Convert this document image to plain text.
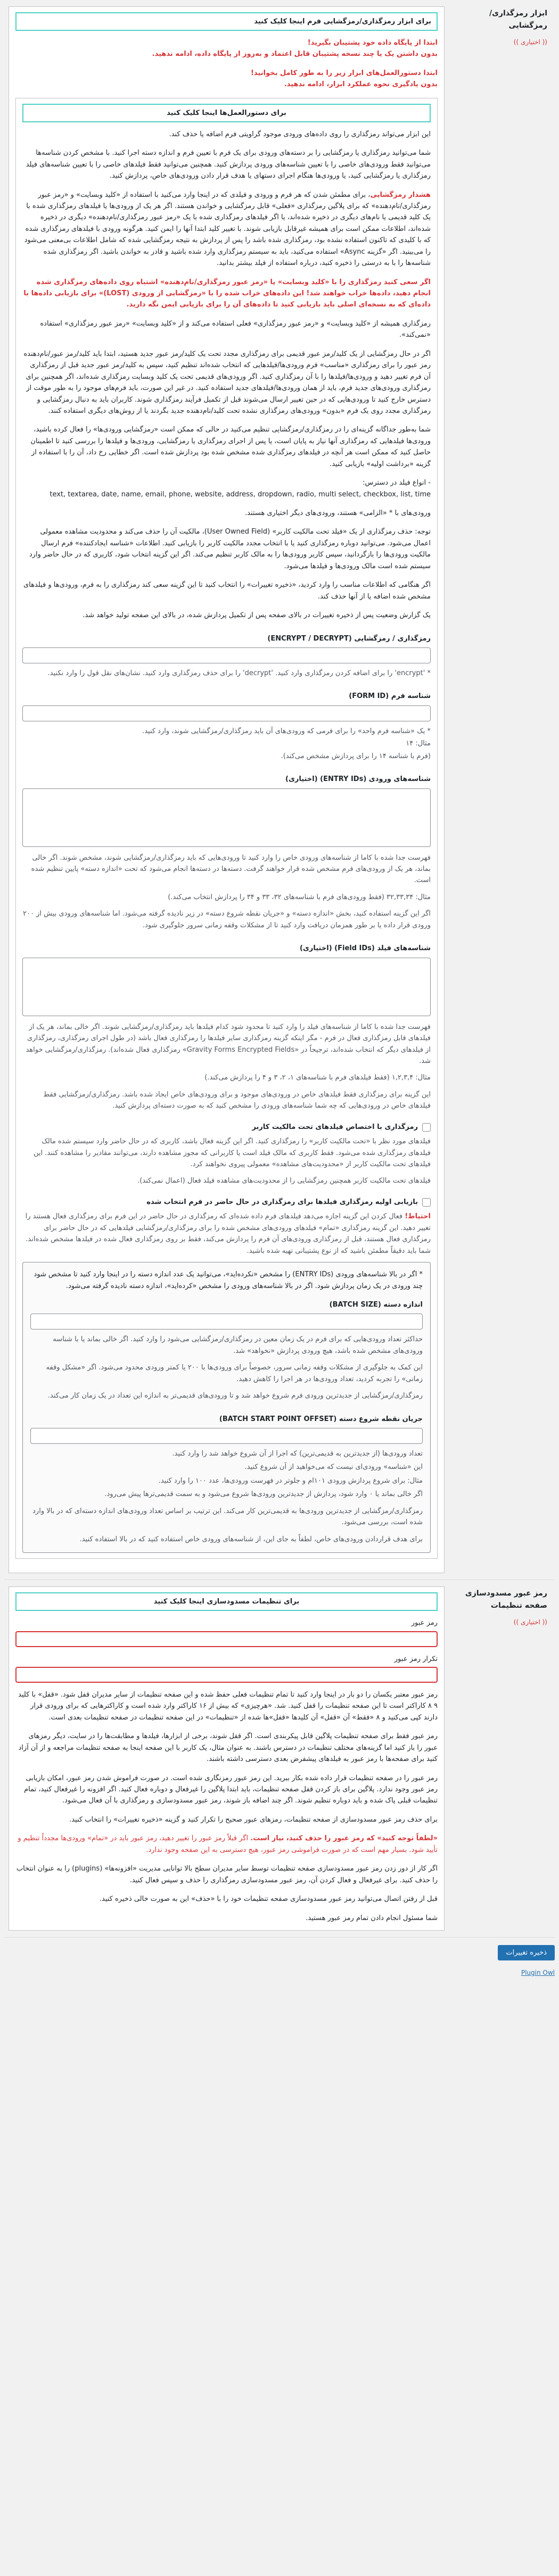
ابزار رمزگذاری/رمزگشایی
(( اختیاری ))
برای ابزار رمزگذاری/رمزگشایی فرم اینجا کلیک کنید
ابتدا از پایگاه داده خود پشتیبان بگیرید!
بدون داشتن یک یا چند نسخه پشتیبان قابل اعتماد و به‌روز از پایگاه داده، ادامه ندهید.
ابتدا دستورالعمل‌های ابزار زیر را به طور کامل بخوانید!
بدون یادگیری نحوه عملکرد ابزار، ادامه ندهید.
برای دستورالعمل‌ها اینجا کلیک کنید

این ابزار می‌تواند رمزگذاری را روی داده‌های ورودی موجود گراویتی فرم اضافه یا حذف کند.

شما می‌توانید رمزگذاری یا رمزگشایی را بر دسته‌های ورودی برای یک فرم با تعیین فرم و اندازه دسته اجرا کنید. با مشخص کردن شناسه‌ها می‌توانید فقط ورودی‌های خاصی را با تعیین شناسه‌های ورودی پردازش کنید. همچنین می‌توانید فقط فیلدهای خاصی را با تعیین شناسه‌های فیلد رمزگذاری یا رمزگشایی کنید، یا ورودی‌ها هنگام اجرای دستهای یا هدف قرار دادن ورودی‌های خاص، پردازش کنید.

هشدار رمزگشایی، برای مطمئن شدن که هر فرم و ورودی و فیلدی که در اینجا وارد می‌کنید با استفاده از «کلید وبسایت» و «رمز عبور رمزگذاری/نام‌دهنده» که برای پلاگین رمزگذاری «فعلی» قابل رمزگشایی و خواندن هستند. اگر هر یک از ورودی‌ها یا فیلدهای رمزگذاری شده با یک کلید قدیمی یا نام‌های دیگری در ذخیره شده‌اند، یا اگر فیلدهای رمزگذاری شده با یک «رمز عبور رمزگذاری/نام‌دهنده» دیگری در ذخیره شده‌اند، اطلاعات ممکن است برای همیشه غیرقابل بازیابی شوند. با تغییر کلید ابتدا آنها را ایمن کنید. هرگونه ورودی با فیلدهای رمزگذاری شده که با کلیدی که تاکنون استفاده نشده بود، رمزگذاری شده باشد را پس از پردازش به نتیجه رمزگشایی شده که شامل اطلاعات بی‌معنی می‌شود را می‌بینید. اگر «گزینه Async» استفاده می‌کنید، باید به سیستم رمزگذاری وارد شده باشید و قادر به خواندن باشید. اگر رمزگذاری شده شناسه‌ها را با به درستی را ذخیره کنید، درباره استفاده از فیلد بیشتر بدانید.

اگر سعی کنید رمزگذاری را با «کلید وبسایت» یا «رمز عبور رمزگذاری/نام‌دهنده» اشتباه روی داده‌های رمزگذاری شده انجام دهید، داده‌ها خراب خواهند شد! این داده‌های خراب شده را با «رمزگشایی از ورودی (LOST)» برای بازیابی داده‌ها با داده‌ای که به نسخه‌ای اصلی باید بازیابی کنید تا داده‌های آن را برای بازیابی ایمن نگه دارید.

رمزگذاری همیشه از «کلید وبسایت» و «رمز عبور رمزگذاری» فعلی استفاده می‌کند و از «کلید وبسایت» «رمز عبور رمزگذاری» استفاده «نمی‌کند».

اگر در حال رمزگشایی از یک کلید/رمز عبور قدیمی برای رمزگذاری مجدد تحت یک کلید/رمز عبور جدید هستید، ابتدا باید کلید/رمز عبور/نام‌دهنده رمز عبور را برای رمزگذاری «مناسب» فرم ورودی‌ها/فیلدهایی که انتخاب شده‌اند تنظیم کنید، سپس به کلید/رمز عبور جدید قبل از رمزگذاری آن فرم تغییر دهید و ورودی‌ها/فیلدها را با آن رمزگذاری کنید. اگر ورودی‌های قدیمی تحت یک کلید وبسایت رمزگذاری شده‌اند، اگر همچنین برای رمزگذاری ورودی‌های جدید فرم، باید از همان ورودی‌ها/فیلدهای جدید استفاده کنید. در غیر این صورت، باید فرم‌های موجود را به طور موقت از دسترس خارج کنید تا ورودی‌هایی که در حین تغییر ارسال می‌شوند قبل از تکمیل فرآیند رمزگذاری شوند. کاربران باید به دنبال رمزگشایی و رمزگذاری مجدد روی یک فرم «بدون» ورودی‌های رمزگذاری نشده تحت کلید/نام‌دهنده جدید بگردند یا از روش‌های دیگری استفاده کنند.

شما به‌طور جداگانه گزینه‌ای را در رمزگذاری/رمزگشایی تنظیم می‌کنید در حالی که ممکن است «رمزگشایی ورودی‌ها» را فعال کرده باشید، ورودی‌ها فیلدهایی که رمزگذاری آنها نیاز به پایان است، یا پس از اجرای رمزگذاری یا رمزگشایی، ورودی‌ها و فیلدها را بررسی کنید تا اطمینان حاصل کنید که ممکن است هر آنچه در فیلدهای رمزگذاری شده مشخص شده بود پردازش شده است. اگر خطایی رخ داد، آن را با استفاده از گزینه «برداشت اولیه» بازیابی کنید.

- انواع فیلد در دسترس:
text, textarea, date, name, email, phone, website, address, dropdown, radio, multi select, checkbox, list, time

ورودی‌های با * «الزامی» هستند، ورودی‌های دیگر اختیاری هستند.

توجه: حذف رمزگذاری از یک «فیلد تحت مالکیت کاربر» (User Owned Field)، مالکیت آن را حذف می‌کند و محدودیت مشاهده معمولی اعمال می‌شود. می‌توانید دوباره رمزگذاری کنید یا با انتخاب مجدد مالکیت کاربر را بازیابی کنید. اطلاعات «شناسه ایجاد‌کننده» فرم ارسال مالکیت ورودی‌ها را بازگردانید، سپس کاربر ورودی‌ها را به مالک کاربر تنظیم می‌کند. اگر این گزینه انتخاب شود، کاربری که در حال حاضر وارد سیستم شده است مالک ورودی‌ها و فیلدها می‌شود.

اگر هنگامی که اطلاعات مناسب را وارد کردید، «ذخیره تغییرات» را انتخاب کنید تا این گزینه سعی کند رمزگذاری را به فرم، ورودی‌ها و فیلدهای مشخص شده اضافه یا از آنها حذف کند.

یک گزارش وضعیت پس از ذخیره تغییرات در بالای صفحه پس از تکمیل پردازش شده، در بالای این صفحه تولید خواهد شد.

رمزگذاری / رمزگشایی (ENCRYPT / DECRYPT)

* 'encrypt' را برای اضافه کردن رمزگذاری وارد کنید. 'decrypt' را برای حذف رمزگذاری وارد کنید. نشان‌های نقل قول را وارد نکنید.

شناسه فرم (FORM ID)

* یک «شناسه فرم واحد» را برای فرمی که ورودی‌های آن باید رمزگذاری/رمزگشایی شوند، وارد کنید.

مثال: ۱۴

(فرم با شناسه ۱۴ را برای پردازش مشخص می‌کند).

شناسه‌های ورودی (ENTRY IDs) (اختیاری)

فهرست جدا شده با کاما از شناسه‌های ورودی خاص را وارد کنید تا ورودی‌هایی که باید رمزگذاری/رمزگشایی شوند، مشخص شوند. اگر خالی بماند، هر یک از ورودی‌های فرم مشخص شده قرار خواهند گرفت. دسته‌ها در دسته‌ها انجام می‌شود که تحت «اندازه دسته» پایین تنظیم شده است.

مثال: ۳۲,۳۳,۳۴ (فقط ورودی‌های فرم با شناسه‌های ۳۲، ۳۳ و ۳۴ را پردازش انتخاب می‌کند.)

اگر این گزینه استفاده کنید، بخش «اندازه دسته» و «جریان نقطه شروع دسته» در زیر نادیده گرفته می‌شود. اما شناسه‌های ورودی بیش از ۲۰۰ ورودی قرار داده یا بر طور همزمان دریافت وارد کنید تا از مشکلات وقفه زمانی سرور جلوگیری شود.

شناسه‌های فیلد (Field IDs) (اختیاری)

فهرست جدا شده با کاما از شناسه‌های فیلد را وارد کنید تا محدود شود کدام فیلدها باید رمزگذاری/رمزگشایی شوند. اگر خالی بماند، هر یک از فیلدهای قابل رمزگذاری فعال در فرم - مگر اینکه گزینه رمزگذاری سایر فیلدها را رمزگذاری فعال باشد (در طول اجرای رمزگذاری، رمزگذاری از فیلدهای دیگر که انتخاب شده‌اند، ترجیحاً در «Gravity Forms Encrypted Fields» رمزگذاری فعال شده‌اند). رمزگذاری/رمزگشایی خواهد شد.

مثال: ۱,۲,۳,۴ (فقط فیلدهای فرم با شناسه‌های ۱، ۲، ۳ و ۴ را پردازش می‌کند.)

این گزینه برای رمزگذاری فقط فیلدهای خاص در ورودی‌های موجود و برای ورودی‌های خاص ایجاد شده باشد. رمزگذاری/رمزگشایی فقط فیلدهای خاص در ورودی‌هایی که چه شما شناسه‌های ورودی را مشخص کنید که به صورت دسته‌ای پردازش کنید.

رمزگذاری با اختصاص فیلدهای تحت مالکیت کاربر

فیلدهای مورد نظر با «تحت مالکیت کاربر» را رمزگذاری کنید. اگر این گزینه فعال باشد، کاربری که در حال حاضر وارد سیستم شده مالک فیلدهای رمزگذاری شده می‌شود. فقط کاربری که مالک فیلد است یا کاربرانی که مجوز مشاهده دارند، می‌توانند مقادیر را مشاهده کنند. این فیلدهای تحت مالکیت کاربر از «محدودیت‌های مشاهده» معمولی پیروی نخواهند کرد.

فیلدهای تحت مالکیت کاربر همچنین رمزگشایی را از محدودیت‌های مشاهده فیلد فعال (اعمال نمی‌کند).

بازیابی اولیه رمزگذاری فیلدها برای رمزگذاری در حال حاضر در فرم انتخاب شده

احتیاط! فعال کردن این گزینه اجازه می‌دهد فیلدهای فرم داده شده‌ای که رمزگذاری در حال حاضر در این فرم برای رمزگذاری فعال هستند را تغییر دهید. این گزینه رمزگذاری «تمام» فیلدهای ورودی‌های مشخص شده را برای رمزگذاری/رمزگشایی فیلدهایی که در حال حاضر برای رمزگذاری فعال هستند، قبل از رمزگذاری ورودی‌های آن فرم را پردازش می‌کند، فقط بر روی رمزگذاری فعال شده در فیلدها مشخص شده‌اند. شما باید دقیقاً مطمئن باشید که از نوع پشتیبانی تهیه شده باشید.

* اگر در بالا شناسه‌های ورودی (ENTRY IDs) را مشخص «نکرده‌اید»، می‌توانید یک عدد اندازه دسته را در اینجا وارد کنید تا مشخص شود چند ورودی در یک زمان پردازش شود. اگر در بالا شناسه‌های ورودی را مشخص «کرده‌اید»، اندازه دسته نادیده گرفته می‌شود.

اندازه دسته (BATCH SIZE)

حداکثر تعداد ورودی‌هایی که برای فرم در یک زمان معین در رمزگذاری/رمزگشایی می‌شود را وارد کنید. اگر خالی بماند یا با شناسه ورودی‌های مشخص شده باشد، هیچ ورودی پردازش «نخواهد» شد.

این کمک به جلوگیری از مشکلات وقفه زمانی سرور، خصوصاً برای ورودی‌ها با ۲۰۰ یا کمتر ورودی محدود می‌شود. اگر «مشکل وقفه زمانی» را تجربه کردید، تعداد ورودی‌ها در هر اجرا را کاهش دهید.

رمزگذاری/رمزگشایی از جدیدترین ورودی فرم شروع خواهد شد و تا ورودی‌های قدیمی‌تر به اندازه این تعداد در یک زمان کار می‌کند.

جریان نقطه شروع دسته (BATCH START POINT OFFSET)

تعداد ورودی‌ها (از جدیدترین به قدیمی‌ترین) که اجرا از آن شروع خواهد شد را وارد کنید.

این «شناسه» ورودی‌ای نیست که می‌خواهید از آن شروع کنید.

مثال: برای شروع پردازش ورودی ۱۰۱ام و جلوتر در فهرست ورودی‌ها، عدد ۱۰۰ را وارد کنید.

اگر خالی بماند یا ۰ وارد شود، پردازش از جدیدترین ورودی‌ها شروع می‌شود و به سمت قدیمی‌ترها پیش می‌رود.

رمزگذاری/رمزگشایی از جدیدترین ورودی‌ها به قدیمی‌ترین کار می‌کند. این ترتیب بر اساس تعداد ورودی‌های اندازه دسته‌ای که در بالا وارد شده است، بررسی می‌شود.

برای هدف قراردادن ورودی‌های خاص، لطفاً به جای این، از شناسه‌های ورودی خاص استفاده کنید که در بالا استفاده کنید.

رمز عبور مسدودسازی صفحه تنظیمات
(( اختیاری ))
برای تنظیمات مسدودسازی اینجا کلیک کنید
رمز عبور
تکرار رمز عبور

رمز عبور معتبر یکسان را دو بار در اینجا وارد کنید تا تمام تنظیمات فعلی حفظ شده و این صفحه تنظیمات از سایر مدیران قفل شود. «قفل» با کلید ۹ ۸ کاراکتر است تا این صفحه تنظیمات را قفل کنید. شد. «هرچیزی» که بیش از ۱۶ کاراکتر وارد شده است و کاراکترهایی که برای ورودی قرار دارند کپی می‌کنید و ۸ «فقط» آن «قفل» آن کلیدها «قفل»‌ها شده از «تنظیمات» در این صفحه تنظیمات در صفحه تنظیمات بعدی است.

رمز عبور فقط برای صفحه تنظیمات پلاگین قابل پیکربندی است. اگر قفل شوند، برخی از ابزارها، فیلدها و مطابقت‌ها را در سایت، دیگر رمزهای عبور را باز کنید اما گزینه‌های مختلف تنظیمات در دسترس باشند. به عنوان مثال، یک کاربر با این صفحه اینجا به صفحه تنظیمات مراجعه و از آن آزاد کنید برای صفحه‌ها با رمز عبور به فیلدهای پیشفرض بعدی دسترسی داشته باشند.

رمز عبور را در صفحه تنظیمات قرار داده شده بکار ببرید. این رمز عبور رمزنگاری شده است. در صورت فراموش شدن رمز عبور، امکان بازیابی رمز عبور وجود ندارد. پلاگین برای باز کردن قفل صفحه تنظیمات، باید ابتدا پلاگین را غیرفعال و دوباره فعال کنید. اگر افزونه را غیرفعال کنید، تمام تنظیمات قبلی پاک شده و باید دوباره تنظیم شوند. اگر چند اضافه باز شوند، رمز عبور مسدودسازی و رمزگذاری با آن فعال می‌شود.

برای حذف رمز عبور مسدودسازی از صفحه تنظیمات، رمزهای عبور صحیح را تکرار کنید و گزینه «ذخیره تغییرات» را انتخاب کنید.

«لطفاً توجه کنید» که رمز عبور را حذف کنید، نیاز است. اگر قبلاً رمز عبور را تغییر دهید، رمز عبور باید در «تمام» ورودی‌ها مجدداً تنظیم و تأیید شود. بسیار مهم است که در صورت فراموشی رمز عبور، هیچ دسترسی به این صفحه وجود ندارد.

اگر کار از دور زدن رمز عبور مسدودسازی صفحه تنظیمات توسط سایر مدیران سطح بالا توانایی مدیریت «افزونه‌ها» (plugins) را به عنوان انتخاب را حذف کنید. برای غیرفعال و فعال کردن آن، رمز عبور مسدودسازی رمزگذاری را حذف و سپس فعال کنید.

قبل از رفتن اتصال می‌توانید رمز عبور مسدودسازی صفحه تنظیمات خود را با «حذف» این به صورت خالی ذخیره کنید.

شما مسئول انجام دادن تمام رمز عبور هستید.

ذخیره تغییرات
Plugin Owl
